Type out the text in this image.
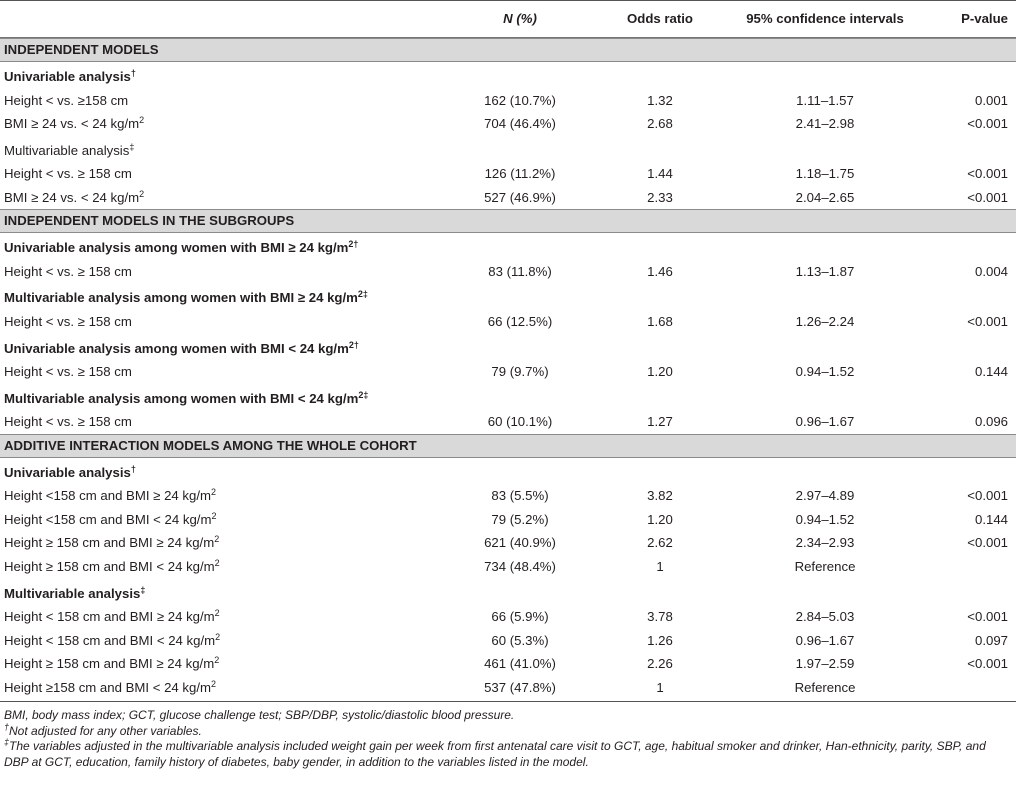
N (%)	Odds ratio	95% confidence intervals	P-value
INDEPENDENT MODELS
Univariable analysis†
Height < vs. ≥158 cm	162 (10.7%)	1.32	1.11–1.57	0.001
BMI ≥ 24 vs. < 24 $kg/m^2$	704 (46.4%)	2.68	2.41–2.98	<0.001
Multivariable analysis‡
Height < vs. ≥ 158 cm	126 (11.2%)	1.44	1.18–1.75	<0.001
BMI ≥ 24 vs. < 24 $kg/m^2$	527 (46.9%)	2.33	2.04–2.65	<0.001
INDEPENDENT MODELS IN THE SUBGROUPS
Univariable analysis among women with BMI ≥ 24 $kg/m^{2\dagger}$
Height < vs. ≥ 158 cm	83 (11.8%)	1.46	1.13–1.87	0.004
Multivariable analysis among women with BMI ≥ 24 $kg/m^{2\ddagger}$
Height < vs. ≥ 158 cm	66 (12.5%)	1.68	1.26–2.24	<0.001
Univariable analysis among women with BMI < 24 $kg/m^{2\dagger}$
Height < vs. ≥ 158 cm	79 (9.7%)	1.20	0.94–1.52	0.144
Multivariable analysis among women with BMI < 24 $kg/m^{2\ddagger}$
Height < vs. ≥ 158 cm	60 (10.1%)	1.27	0.96–1.67	0.096
ADDITIVE INTERACTION MODELS AMONG THE WHOLE COHORT
Univariable analysis†
Height <158 cm and BMI ≥ 24 $kg/m^2$	83 (5.5%)	3.82	2.97–4.89	<0.001
Height <158 cm and BMI < 24 $kg/m^2$	79 (5.2%)	1.20	0.94–1.52	0.144
Height ≥ 158 cm and BMI ≥ 24 $kg/m^2$	621 (40.9%)	2.62	2.34–2.93	<0.001
Height ≥ 158 cm and BMI < 24 $kg/m^2$	734 (48.4%)	1	Reference
Multivariable analysis‡
Height < 158 cm and BMI ≥ 24 $kg/m^2$	66 (5.9%)	3.78	2.84–5.03	<0.001
Height < 158 cm and BMI < 24 $kg/m^2$	60 (5.3%)	1.26	0.96–1.67	0.097
Height ≥ 158 cm and BMI ≥ 24 $kg/m^2$	461 (41.0%)	2.26	1.97–2.59	<0.001
Height ≥158 cm and BMI < 24 $kg/m^2$	537 (47.8%)	1	Reference
BMI, body mass index; GCT, glucose challenge test; SBP/DBP, systolic/diastolic blood pressure.
†Not adjusted for any other variables.
‡The variables adjusted in the multivariable analysis included weight gain per week from first antenatal care visit to GCT, age, habitual smoker and drinker, Han-ethnicity, parity, SBP, and DBP at GCT, education, family history of diabetes, baby gender, in addition to the variables listed in the model.
